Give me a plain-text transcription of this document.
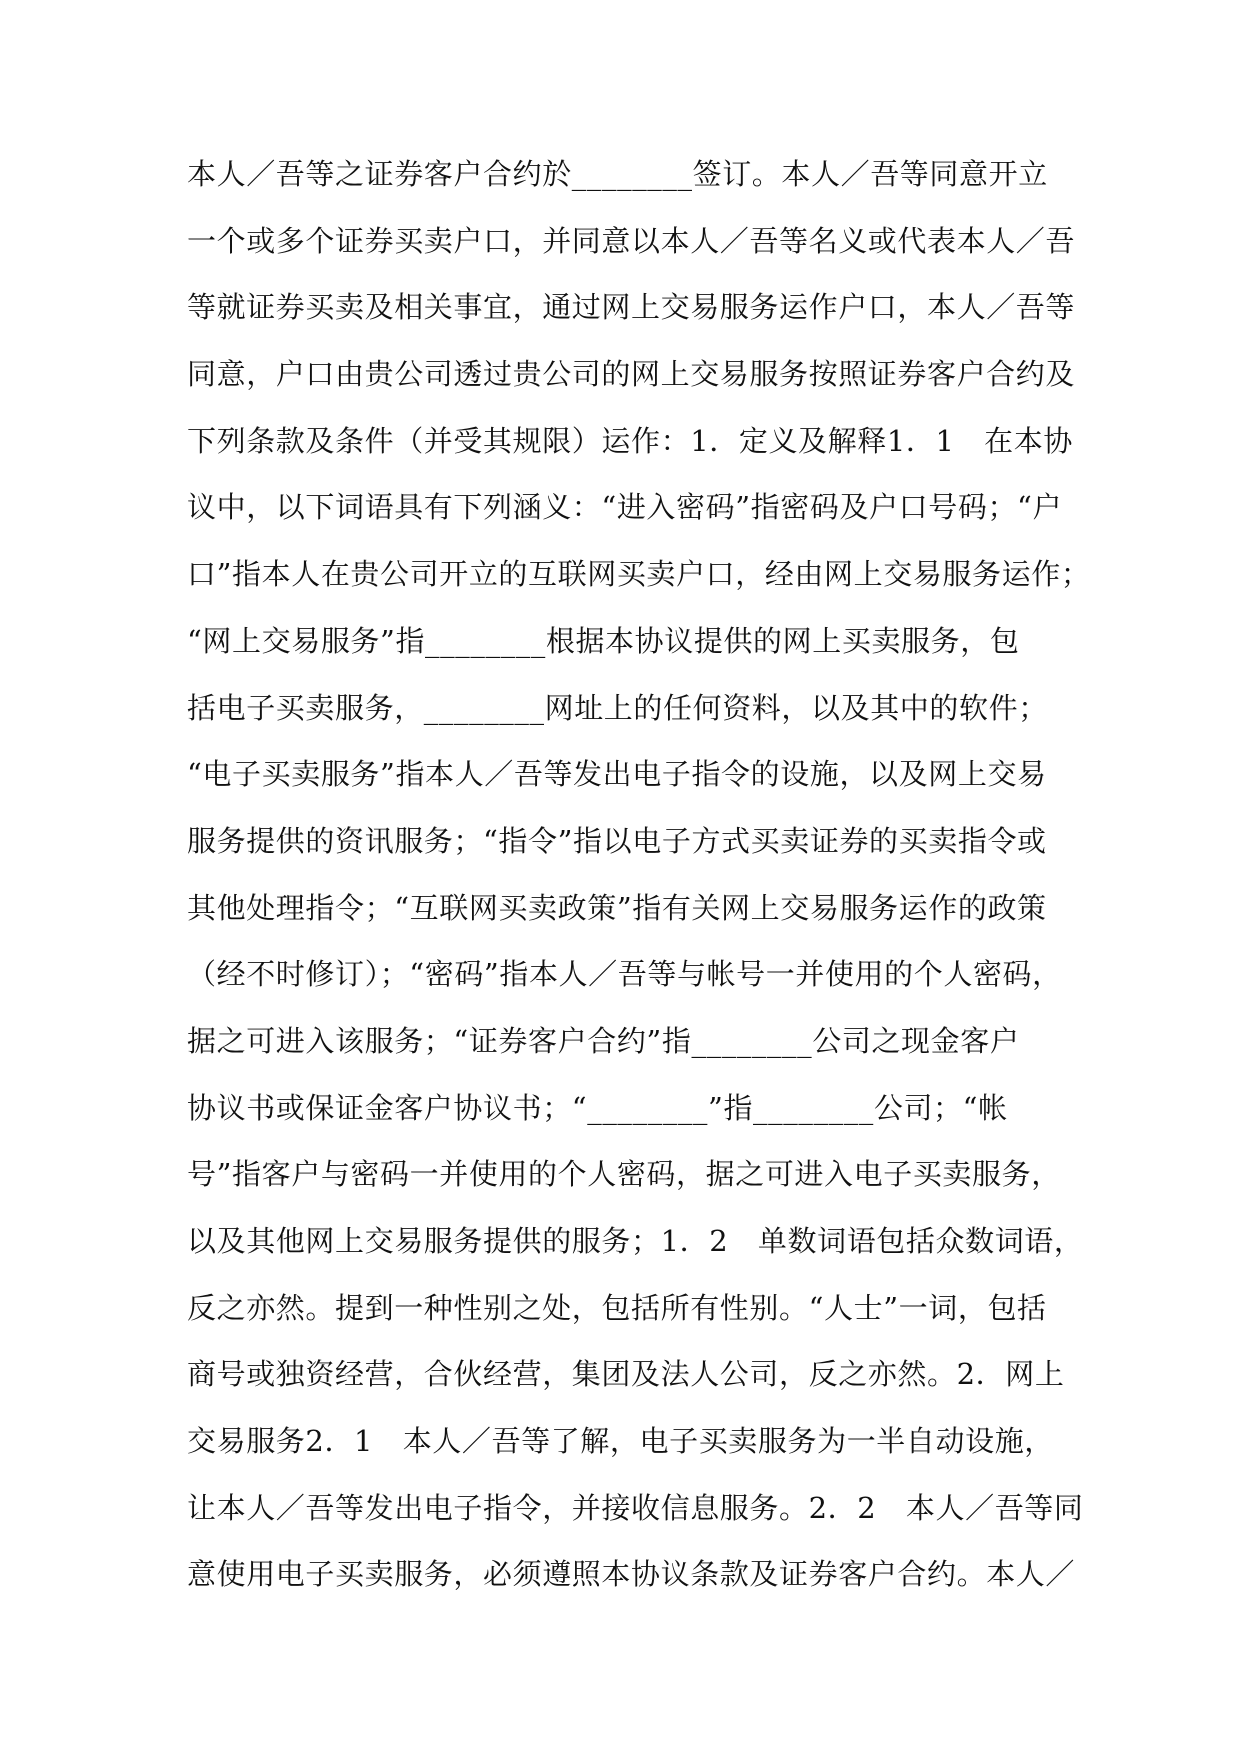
本人／吾等之证券客户合约於________签订。本人／吾等同意开立
一个或多个证券买卖户口，并同意以本人／吾等名义或代表本人／吾
等就证券买卖及相关事宜，通过网上交易服务运作户口，本人／吾等
同意，户口由贵公司透过贵公司的网上交易服务按照证券客户合约及
下列条款及条件（并受其规限）运作：1．定义及解释1．1　在本协
议中，以下词语具有下列涵义：“进入密码”指密码及户口号码；“户
口”指本人在贵公司开立的互联网买卖户口，经由网上交易服务运作；
“网上交易服务”指________根据本协议提供的网上买卖服务，包
括电子买卖服务，________网址上的任何资料，以及其中的软件；
“电子买卖服务”指本人／吾等发出电子指令的设施，以及网上交易
服务提供的资讯服务；“指令”指以电子方式买卖证券的买卖指令或
其他处理指令；“互联网买卖政策”指有关网上交易服务运作的政策
（经不时修订）；“密码”指本人／吾等与帐号一并使用的个人密码，
据之可进入该服务；“证券客户合约”指________公司之现金客户
协议书或保证金客户协议书；“________”指________公司；“帐
号”指客户与密码一并使用的个人密码，据之可进入电子买卖服务，
以及其他网上交易服务提供的服务；1．2　单数词语包括众数词语，
反之亦然。提到一种性别之处，包括所有性别。“人士”一词，包括
商号或独资经营，合伙经营，集团及法人公司，反之亦然。2．网上
交易服务2．1　本人／吾等了解，电子买卖服务为一半自动设施，
让本人／吾等发出电子指令，并接收信息服务。2．2　本人／吾等同
意使用电子买卖服务，必须遵照本协议条款及证券客户合约。本人／
